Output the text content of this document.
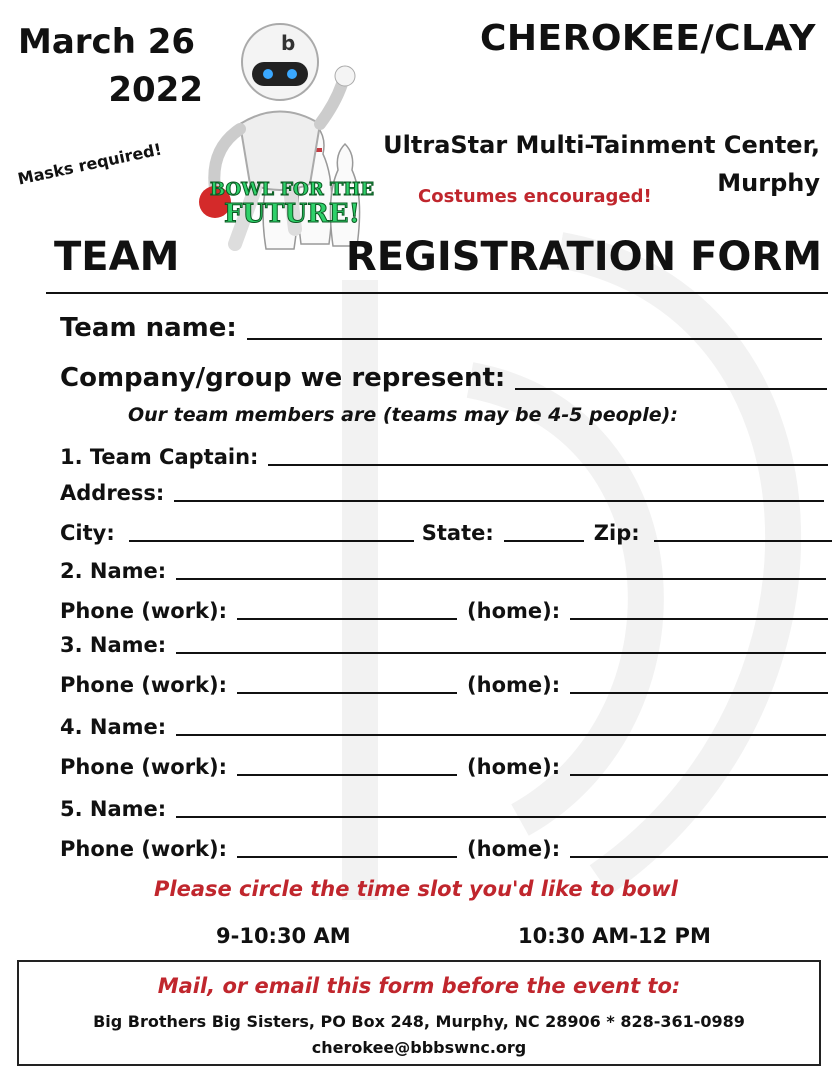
March 26
2022
Masks required!
b
BOWL FOR THE
FUTURE!
CHEROKEE/CLAY
UltraStar Multi-Tainment Center,
Murphy
Costumes encouraged!
TEAM	REGISTRATION FORM
Team name:
Company/group we represent:
Our team members are (teams may be 4-5 people):
1. Team Captain:
Address:
City:	State:	Zip:
2. Name:
Phone (work):	(home):
3. Name:
Phone (work):	(home):
4. Name:
Phone (work):	(home):
5. Name:
Phone (work):	(home):
Please circle the time slot you'd like to bowl
9-10:30 AM	10:30 AM-12 PM
Mail, or email this form before the event to:
Big Brothers Big Sisters, PO Box 248, Murphy, NC 28906 * 828-361-0989
cherokee@bbbswnc.org
